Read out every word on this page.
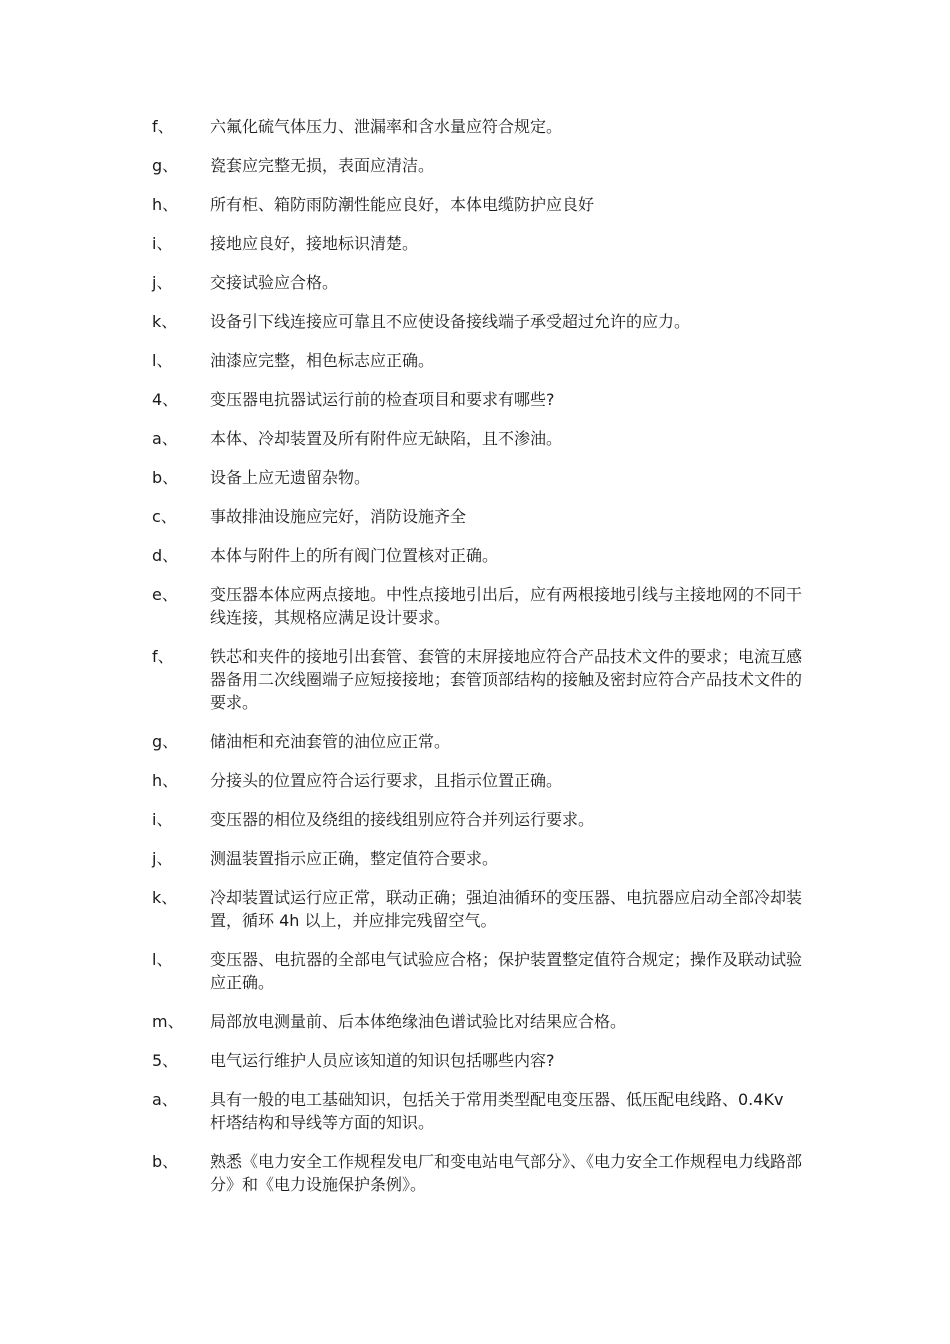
f、	六氟化硫气体压力、泄漏率和含水量应符合规定。
g、	瓷套应完整无损，表面应清洁。
h、	所有柜、箱防雨防潮性能应良好，本体电缆防护应良好
i、	接地应良好，接地标识清楚。
j、	交接试验应合格。
k、	设备引下线连接应可靠且不应使设备接线端子承受超过允许的应力。
l、	油漆应完整，相色标志应正确。
4、	变压器电抗器试运行前的检查项目和要求有哪些?
a、	本体、冷却装置及所有附件应无缺陷，且不渗油。
b、	设备上应无遗留杂物。
c、	事故排油设施应完好，消防设施齐全
d、	本体与附件上的所有阀门位置核对正确。
e、	变压器本体应两点接地。中性点接地引出后，应有两根接地引线与主接地网的不同干线连接，其规格应满足设计要求。
f、	铁芯和夹件的接地引出套管、套管的末屏接地应符合产品技术文件的要求；电流互感器备用二次线圈端子应短接接地；套管顶部结构的接触及密封应符合产品技术文件的要求。
g、	储油柜和充油套管的油位应正常。
h、	分接头的位置应符合运行要求，且指示位置正确。
i、	变压器的相位及绕组的接线组别应符合并列运行要求。
j、	测温装置指示应正确，整定值符合要求。
k、	冷却装置试运行应正常，联动正确；强迫油循环的变压器、电抗器应启动全部冷却装置，循环 4h 以上，并应排完残留空气。
l、	变压器、电抗器的全部电气试验应合格；保护装置整定值符合规定；操作及联动试验应正确。
m、	局部放电测量前、后本体绝缘油色谱试验比对结果应合格。
5、	电气运行维护人员应该知道的知识包括哪些内容?
a、	具有一般的电工基础知识，包括关于常用类型配电变压器、低压配电线路、0.4Kv 杆塔结构和导线等方面的知识。
b、	熟悉《电力安全工作规程发电厂和变电站电气部分》、《电力安全工作规程电力线路部分》和《电力设施保护条例》。
